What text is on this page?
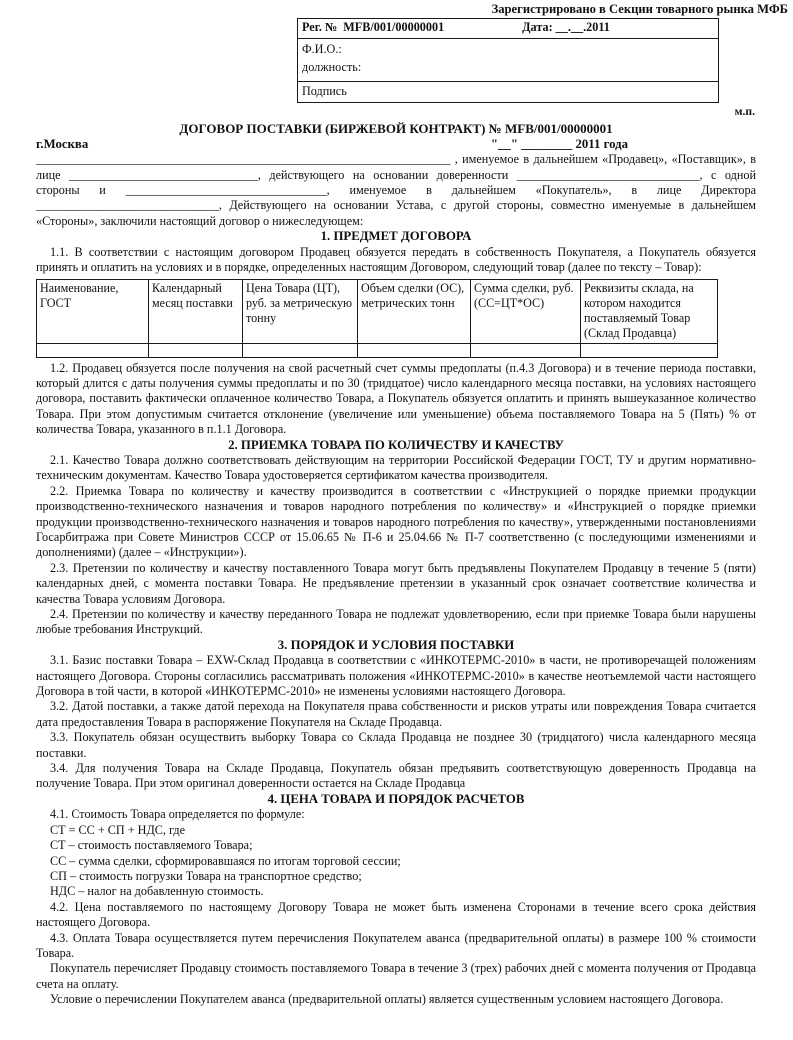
Зарегистрировано в Секции товарного рынка МФБ
Рег. №  MFB/001/00000001	Дата: __.__.2011
Ф.И.О.:
должность:
Подпись
м.п.
ДОГОВОР ПОСТАВКИ (БИРЖЕВОЙ КОНТРАКТ) № MFB/001/00000001
г.Москва	"__" ________ 2011 года

____________________________________________________________________ , именуемое в дальнейшем «Продавец», «Поставщик», в лице _______________________________, действующего на основании доверенности ______________________________, с одной стороны и _________________________________, именуемое в дальнейшем «Покупатель», в лице Директора ______________________________, Действующего на основании Устава, с другой стороны, совместно именуемые в дальнейшем «Стороны», заключили настоящий договор о нижеследующем:

1. ПРЕДМЕТ ДОГОВОРА

1.1. В соответствии с настоящим договором Продавец обязуется передать в собственность Покупателя, а Покупатель обязуется принять и оплатить на условиях и в порядке, определенных настоящим Договором, следующий товар (далее по тексту – Товар):

Наименование, ГОСТ	Календарный месяц поставки	Цена Товара (ЦТ), руб. за метрическую тонну	Объем сделки (ОС), метрических тонн	Сумма сделки, руб. (СС=ЦТ*ОС)	Реквизиты склада, на котором находится поставляемый Товар (Склад Продавца)

1.2. Продавец обязуется после получения на свой расчетный счет суммы предоплаты (п.4.3 Договора) и в течение периода поставки, который длится с даты получения суммы предоплаты и по 30 (тридцатое) число календарного месяца поставки, на условиях настоящего договора, поставить фактически оплаченное количество Товара, а Покупатель обязуется оплатить и принять вышеуказанное количество Товара. При этом допустимым считается отклонение (увеличение или уменьшение) объема поставляемого Товара на 5 (Пять) % от количества Товара, указанного в п.1.1 Договора.

2. ПРИЕМКА ТОВАРА ПО КОЛИЧЕСТВУ И КАЧЕСТВУ

2.1. Качество Товара должно соответствовать действующим на территории Российской Федерации ГОСТ, ТУ и другим нормативно-техническим документам. Качество Товара удостоверяется сертификатом качества производителя.

2.2. Приемка Товара по количеству и качеству производится в соответствии с «Инструкцией о порядке приемки продукции производственно-технического назначения и товаров народного потребления по количеству» и «Инструкцией о порядке приемки продукции производственно-технического назначения и товаров народного потребления по качеству», утвержденными постановлениями Госарбитража при Совете Министров СССР от 15.06.65 № П-6 и 25.04.66 № П-7 соответственно (с последующими изменениями и дополнениями) (далее – «Инструкции»).

2.3. Претензии по количеству и качеству поставленного Товара могут быть предъявлены Покупателем Продавцу в течение 5 (пяти) календарных дней, с момента поставки Товара. Не предъявление претензии в указанный срок означает соответствие количества и качества Товара условиям Договора.

2.4. Претензии по количеству и качеству переданного Товара не подлежат удовлетворению, если при приемке Товара были нарушены любые требования Инструкций.

3. ПОРЯДОК И УСЛОВИЯ ПОСТАВКИ

3.1. Базис поставки Товара – EXW-Склад Продавца в соответствии с «ИНКОТЕРМС-2010» в части, не противоречащей положениям настоящего Договора. Стороны согласились рассматривать положения «ИНКОТЕРМС-2010» в качестве неотъемлемой части настоящего Договора в той части, в которой «ИНКОТЕРМС-2010» не изменены условиями настоящего Договора.

3.2. Датой поставки, а также датой перехода на Покупателя права собственности и рисков утраты или повреждения Товара считается дата предоставления Товара в распоряжение Покупателя на Складе Продавца.

3.3. Покупатель обязан осуществить выборку Товара со Склада Продавца не позднее 30 (тридцатого) числа календарного месяца поставки.

3.4. Для получения Товара на Складе Продавца, Покупатель обязан предъявить соответствующую доверенность Продавца на получение Товара. При этом оригинал доверенности остается на Складе Продавца

4. ЦЕНА ТОВАРА И ПОРЯДОК РАСЧЕТОВ

4.1. Стоимость Товара определяется по формуле:

СТ = СС + СП + НДС, где
СТ – стоимость поставляемого Товара;
СС – сумма сделки, сформировавшаяся по итогам торговой сессии;
СП – стоимость погрузки Товара на транспортное средство;
НДС – налог на добавленную стоимость.

4.2. Цена поставляемого по настоящему Договору Товара не может быть изменена Сторонами в течение всего срока действия настоящего Договора.

4.3. Оплата Товара осуществляется путем перечисления Покупателем аванса (предварительной оплаты) в размере 100 % стоимости Товара.

Покупатель перечисляет Продавцу стоимость поставляемого Товара в течение 3 (трех) рабочих дней с момента получения от Продавца счета на оплату.

Условие о перечислении Покупателем аванса (предварительной оплаты) является существенным условием настоящего Договора.
